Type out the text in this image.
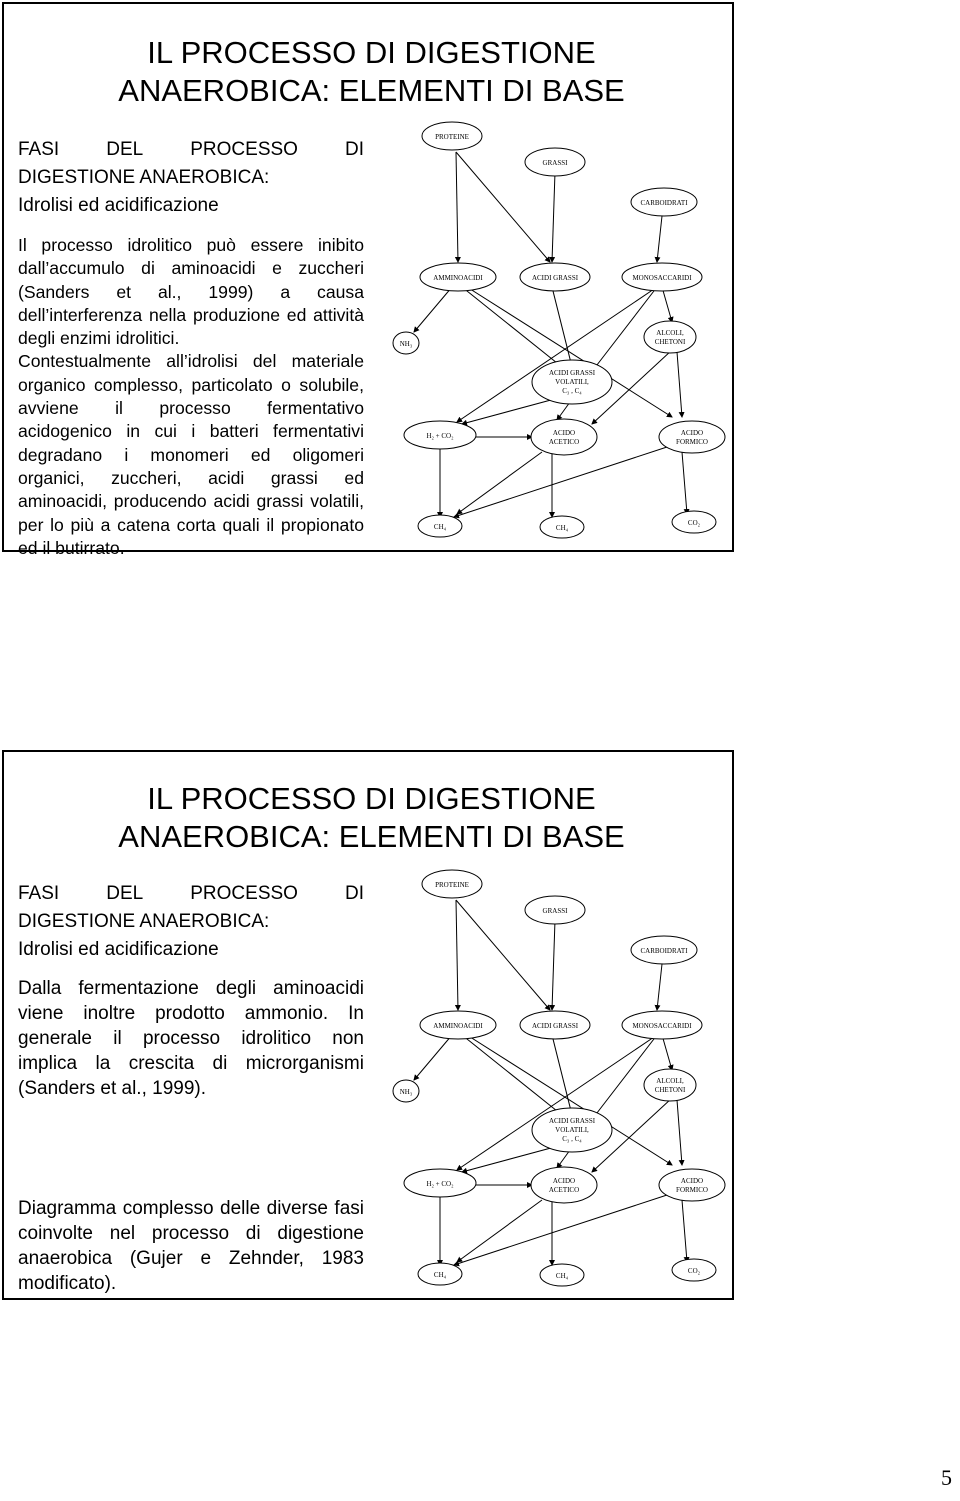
IL PROCESSO DI DIGESTIONE
ANAEROBICA: ELEMENTI DI BASE
FASI DEL PROCESSO DI
DIGESTIONE ANAEROBICA:
Idrolisi ed acidificazione

Il processo idrolitico può essere inibito dall’accumulo di aminoacidi e zuccheri (Sanders et al., 1999) a causa dell’interferenza nella produzione ed attività degli enzimi idrolitici.

Contestualmente all’idrolisi del materiale organico complesso, particolato o solubile, avviene il processo fermentativo acidogenico in cui i batteri fermentativi degradano i monomeri ed oligomeri organici, zuccheri, acidi grassi ed aminoacidi, producendo acidi grassi volatili, per lo più a catena corta quali il propionato ed il butirrato.

PROTEINE
GRASSI
CARBOIDRATI
AMMINOACIDI	ACIDI GRASSI	MONOSACCARIDI
NH₃
ALCOLI,
CHETONI
ACIDI GRASSI
VOLATILI,
C₃ , C₄
H₂ + CO₂	ACIDO
ACETICO
ACIDO
FORMICO
CH₄	CH₄
CO₂
IL PROCESSO DI DIGESTIONE
ANAEROBICA: ELEMENTI DI BASE
FASI DEL PROCESSO DI
DIGESTIONE ANAEROBICA:
Idrolisi ed acidificazione

Dalla fermentazione degli aminoacidi viene inoltre prodotto ammonio. In generale il processo idrolitico non implica la crescita di microrganismi (Sanders et al., 1999).

Diagramma complesso delle diverse fasi coinvolte nel processo di digestione anaerobica (Gujer e Zehnder, 1983 modificato).

PROTEINE
GRASSI
CARBOIDRATI
AMMINOACIDI	ACIDI GRASSI	MONOSACCARIDI
NH₃
ALCOLI,
CHETONI
ACIDI GRASSI
VOLATILI,
C₃ , C₄
H₂ + CO₂	ACIDO
ACETICO
ACIDO
FORMICO
CH₄	CH₄
CO₂
5
